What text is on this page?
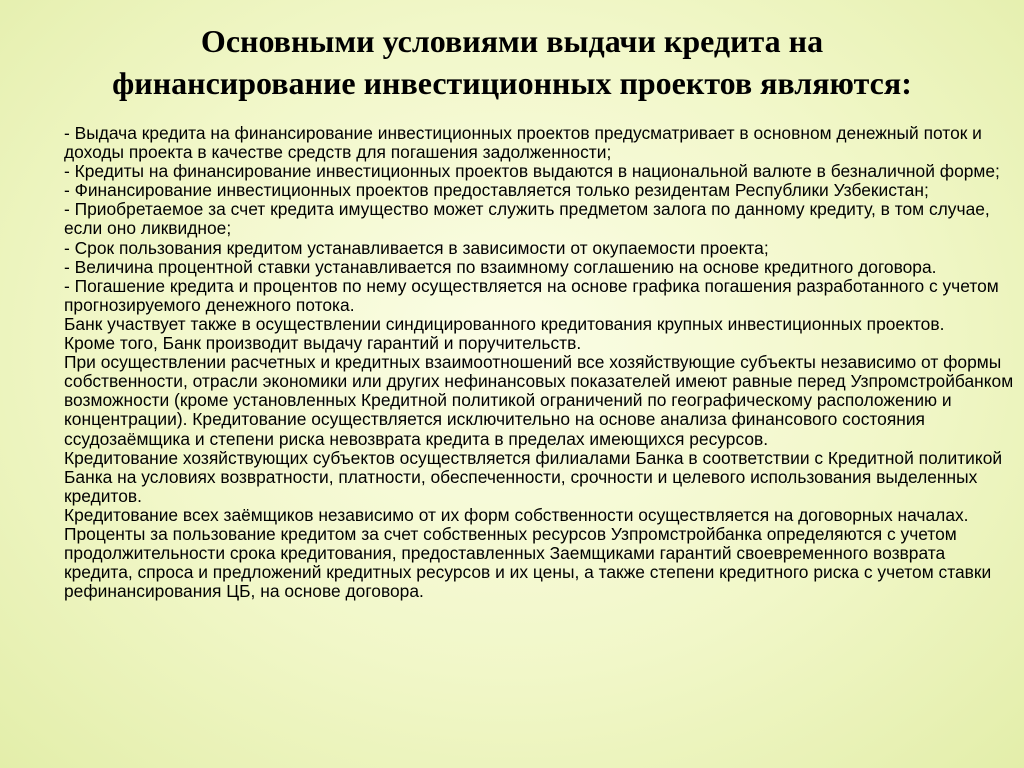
Основными условиями выдачи кредита на
финансирование инвестиционных проектов являются:

- Выдача кредита на финансирование инвестиционных проектов предусматривает в основном денежный поток и доходы проекта в качестве средств для погашения задолженности;

- Кредиты на финансирование инвестиционных проектов выдаются в национальной валюте в безналичной форме;

- Финансирование инвестиционных проектов предоставляется только резидентам Республики Узбекистан;

- Приобретаемое за счет кредита имущество может служить предметом залога по данному кредиту, в том случае, если оно ликвидное;

- Срок пользования кредитом устанавливается в зависимости от окупаемости проекта;

- Величина процентной ставки устанавливается по взаимному соглашению на основе кредитного договора.

- Погашение кредита и процентов по нему осуществляется на основе графика погашения разработанного с учетом прогнозируемого денежного потока.

Банк участвует также в осуществлении синдицированного кредитования крупных инвестиционных проектов.

Кроме того, Банк производит выдачу гарантий и поручительств.

При осуществлении расчетных и кредитных взаимоотношений все хозяйствующие субъекты независимо от формы собственности, отрасли экономики или других нефинансовых показателей имеют равные перед Узпромстройбанком возможности (кроме установленных Кредитной политикой ограничений по географическому расположению и концентрации). Кредитование осуществляется исключительно на основе анализа финансового состояния ссудозаёмщика и степени риска невозврата кредита в пределах имеющихся ресурсов.

Кредитование хозяйствующих субъектов осуществляется филиалами Банка в соответствии с Кредитной политикой Банка на условиях возвратности, платности, обеспеченности, срочности и целевого использования выделенных кредитов.

Кредитование всех заёмщиков независимо от их форм собственности осуществляется на договорных началах.

Проценты за пользование кредитом за счет собственных ресурсов Узпромстройбанка определяются с учетом продолжительности срока кредитования, предоставленных Заемщиками гарантий своевременного возврата кредита, спроса и предложений кредитных ресурсов и их цены, а также степени кредитного риска с учетом ставки рефинансирования ЦБ, на основе договора.
